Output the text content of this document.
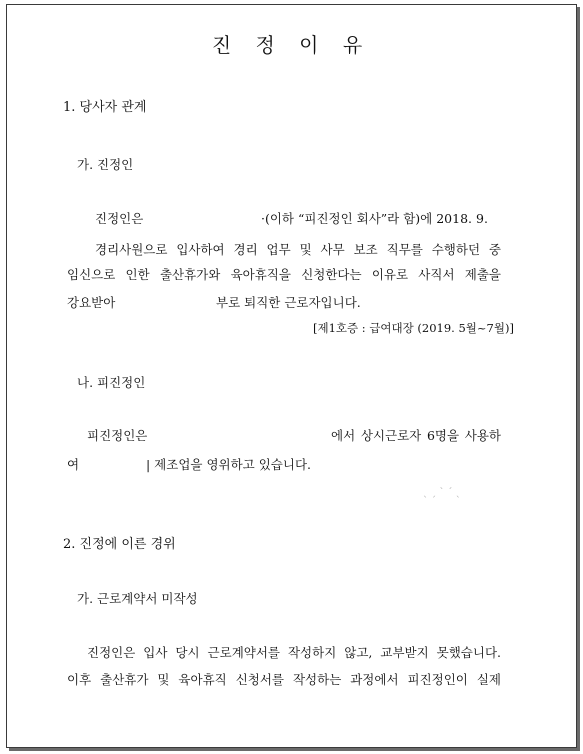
진 정 이 유
1. 당사자 관계
가. 진정인
진정인은	·(이하 “피진정인 회사”라 함)에 2018. 9.
경리사원으로 입사하여 경리 업무 및 사무 보조 직무를 수행하던 중
임신으로 인한 출산휴가와 육아휴직을 신청한다는 이유로 사직서 제출을
강요받아	부로 퇴직한 근로자입니다.
[제1호증 : 급여대장 (2019. 5월~7월)]
나. 피진정인
피진정인은	에서 상시근로자 6명을 사용하
여	| 제조업을 영위하고 있습니다.
ˎ ˏ ˋ ˊ ˎ
2. 진정에 이른 경위
가. 근로계약서 미작성
진정인은 입사 당시 근로계약서를 작성하지 않고, 교부받지 못했습니다.
이후 출산휴가 및 육아휴직 신청서를 작성하는 과정에서 피진정인이 실제
